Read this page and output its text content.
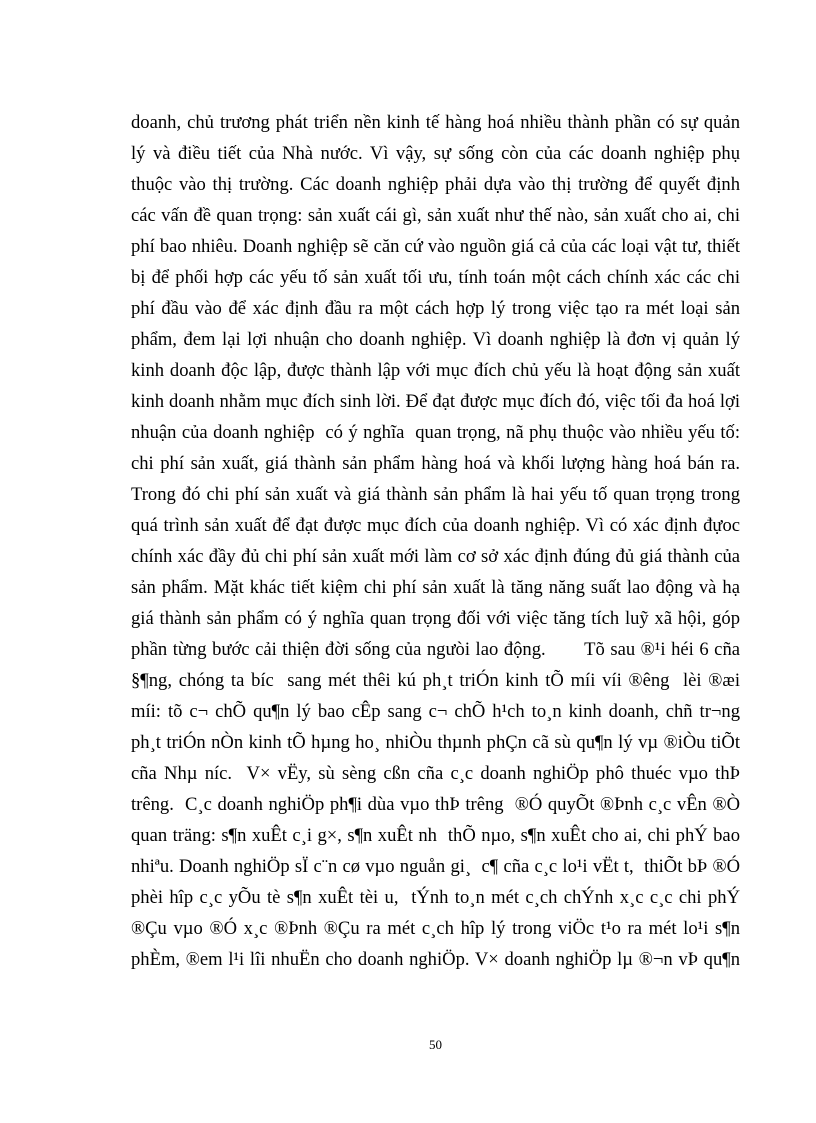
doanh, chủ trương phát triển nền kinh tế hàng hoá nhiều thành phần có sự quản
lý và điều tiết của Nhà nước. Vì vậy, sự sống còn của các doanh nghiệp phụ
thuộc vào thị trường. Các doanh nghiệp phải dựa vào thị trường để quyết định
các vấn đề quan trọng: sản xuất cái gì, sản xuất như thế nào, sản xuất cho ai, chi
phí bao nhiêu. Doanh nghiệp sẽ căn cứ vào nguồn giá cả của các loại vật tư, thiết
bị để phối hợp các yếu tố sản xuất tối ưu, tính toán một cách chính xác các chi
phí đầu vào để xác định đầu ra một cách hợp lý trong việc tạo ra mét loại sản
phẩm, đem lại lợi nhuận cho doanh nghiệp. Vì doanh nghiệp là đơn vị quản lý
kinh doanh độc lập, được thành lập với mục đích chủ yếu là hoạt động sản xuất
kinh doanh nhằm mục đích sinh lời. Để đạt được mục đích đó, việc tối đa hoá lợi
nhuận của doanh nghiệp  có ý nghĩa  quan trọng, nã phụ thuộc vào nhiều yếu tố:
chi phí sản xuất, giá thành sản phẩm hàng hoá và khối lượng hàng hoá bán ra.
Trong đó chi phí sản xuất và giá thành sản phẩm là hai yếu tố quan trọng trong
quá trình sản xuất để đạt được mục đích của doanh nghiệp. Vì có xác định đựoc
chính xác đầy đủ chi phí sản xuất mới làm cơ sở xác định đúng đủ giá thành của
sản phẩm. Mặt khác tiết kiệm chi phí sản xuất là tăng năng suất lao động và hạ
giá thành sản phẩm có ý nghĩa quan trọng đối với việc tăng tích luỹ xã hội, góp
phần từng bước cải thiện đời sống của ngưòi lao động.       Tõ sau ®¹i héi 6 cña
§¶ng, chóng ta bíc  sang mét thêi kú ph¸t triÓn kinh tÕ míi víi ®êng  lèi ®æi
míi: tõ c¬ chÕ qu¶n lý bao cÊp sang c¬ chÕ h¹ch to¸n kinh doanh, chñ tr¬ng
ph¸t triÓn nÒn kinh tÕ hµng ho¸ nhiÒu thµnh phÇn cã sù qu¶n lý vµ ®iÒu tiÕt
cña Nhµ níc.  V× vËy, sù sèng cßn cña c¸c doanh nghiÖp phô thuéc vµo thÞ
trêng.  C¸c doanh nghiÖp ph¶i dùa vµo thÞ trêng  ®Ó quyÕt ®Þnh c¸c vÊn ®Ò
quan träng: s¶n xuÊt c¸i g×, s¶n xuÊt nh  thÕ nµo, s¶n xuÊt cho ai, chi phÝ bao
nhiªu. Doanh nghiÖp sÏ c¨n cø vµo nguån gi¸  c¶ cña c¸c lo¹i vËt t,  thiÕt bÞ ®Ó
phèi hîp c¸c yÕu tè s¶n xuÊt tèi u,  tÝnh to¸n mét c¸ch chÝnh x¸c c¸c chi phÝ
®Çu vµo ®Ó x¸c ®Þnh ®Çu ra mét c¸ch hîp lý trong viÖc t¹o ra mét lo¹i s¶n
phÈm, ®em l¹i lîi nhuËn cho doanh nghiÖp. V× doanh nghiÖp lµ ®¬n vÞ qu¶n
50
